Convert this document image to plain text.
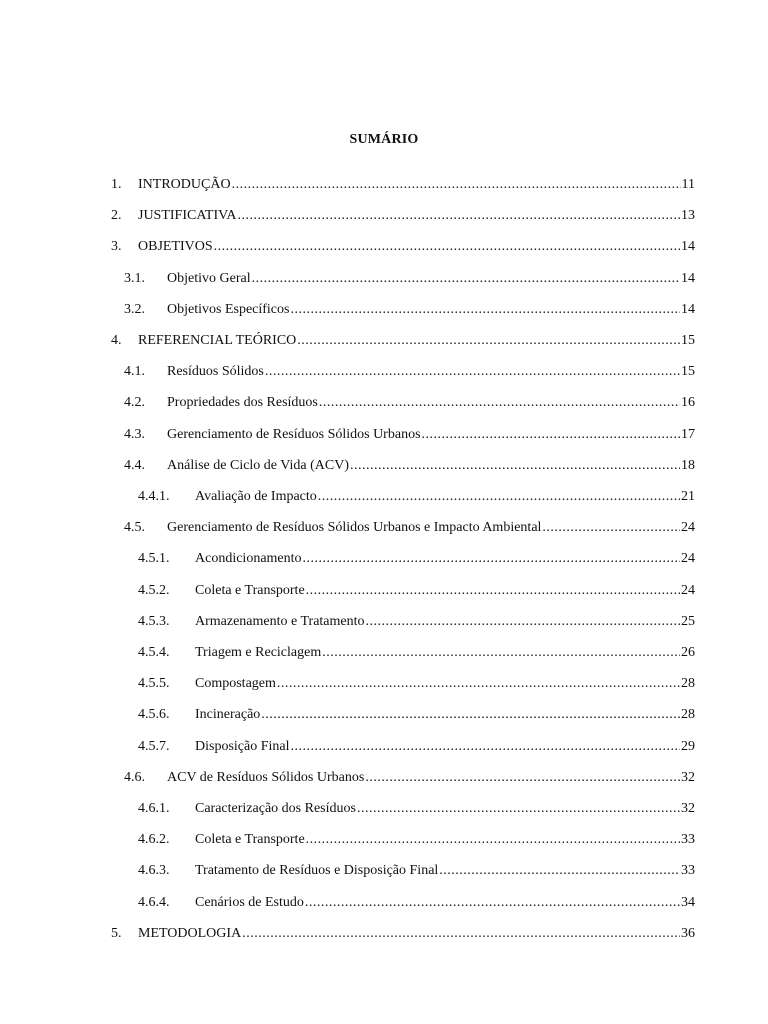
SUMÁRIO
1.	INTRODUÇÃO .....	11
2.	JUSTIFICATIVA .....	13
3.	OBJETIVOS .....	14
3.1.	Objetivo Geral .....	14
3.2.	Objetivos Específicos .....	14
4.	REFERENCIAL TEÓRICO .....	15
4.1.	Resíduos Sólidos .....	15
4.2.	Propriedades dos Resíduos .....	16
4.3.	Gerenciamento de Resíduos Sólidos Urbanos .....	17
4.4.	Análise de Ciclo de Vida (ACV) .....	18
4.4.1.	Avaliação de Impacto .....	21
4.5.	Gerenciamento de Resíduos Sólidos Urbanos e Impacto Ambiental .....	24
4.5.1.	Acondicionamento .....	24
4.5.2.	Coleta e Transporte .....	24
4.5.3.	Armazenamento e Tratamento .....	25
4.5.4.	Triagem e Reciclagem .....	26
4.5.5.	Compostagem .....	28
4.5.6.	Incineração .....	28
4.5.7.	Disposição Final .....	29
4.6.	ACV de Resíduos Sólidos Urbanos .....	32
4.6.1.	Caracterização dos Resíduos .....	32
4.6.2.	Coleta e Transporte .....	33
4.6.3.	Tratamento de Resíduos e Disposição Final .....	33
4.6.4.	Cenários de Estudo .....	34
5.	METODOLOGIA .....	36
